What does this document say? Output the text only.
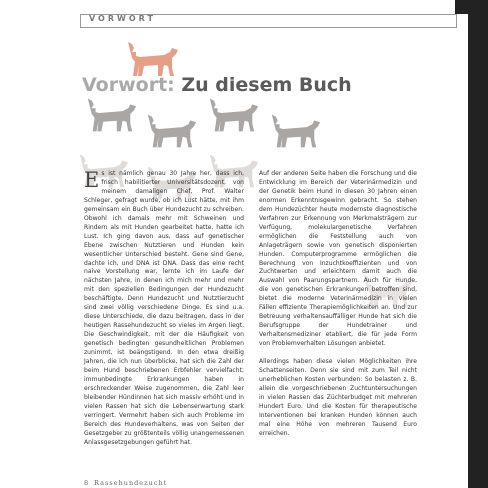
VORWORT
Vorwort: Zu diesem Buch

Es ist nämlich genau 30 Jahre her, dass ich, frisch habilitierter Universitätsdozent, von meinem damaligen Chef, Prof. Walter Schleger, gefragt wurde, ob ich Lust hätte, mit ihm gemeinsam ein Buch über Hundezucht zu schreiben. Obwohl ich damals mehr mit Schweinen und Rindern als mit Hunden gearbeitet hatte, hatte ich Lust. Ich ging davon aus, dass auf genetischer Ebene zwischen Nutztieren und Hunden kein wesentlicher Unterschied besteht. Gene sind Gene, dachte ich, und DNA ist DNA. Dass das eine recht naive Vorstellung war, lernte ich im Laufe der nächsten Jahre, in denen ich mich mehr und mehr mit den speziellen Bedingungen der Hundezucht beschäftigte. Denn Hundezucht und Nutztierzucht sind zwei völlig verschiedene Dinge. Es sind u.a. diese Unterschiede, die dazu beitragen, dass in der heutigen Rassehundezucht so vieles im Argen liegt. Die Geschwindigkeit, mit der die Häufigkeit von genetisch bedingten gesundheitlichen Problemen zunimmt, ist beängstigend. In den etwa dreißig Jahren, die ich nun überblicke, hat sich die Zahl der beim Hund beschriebenen Erbfehler vervielfacht; immunbedingte Erkrankungen haben in erschreckender Weise zugenommen, die Zahl leer bleibender Hündinnen hat sich massiv erhöht und in vielen Rassen hat sich die Lebenserwartung stark verringert. Vermehrt haben sich auch Probleme im Bereich des Hundeverhaltens, was von Seiten der Gesetzgeber zu größtenteils völlig unangemessenen Anlassgesetzgebungen geführt hat.

Auf der anderen Seite haben die Forschung und die Entwicklung im Bereich der Veterinärmedizin und der Genetik beim Hund in diesen 30 Jahren einen enormen Erkenntnisgewinn gebracht. So stehen dem Hundezüchter heute modernste diagnostische Verfahren zur Erkennung von Merkmalsträgern zur Verfügung, molekulargenetische Verfahren ermöglichen die Feststellung auch von Anlageträgern sowie von genetisch disponierten Hunden. Computerprogramme ermöglichen die Berechnung von Inzuchtkoeffizienten und von Zuchtwerten und erleichtern damit auch die Auswahl von Paarungspartnern. Auch für Hunde, die von genetischen Erkrankungen betroffen sind, bietet die moderne Veterinärmedizin in vielen Fällen effiziente Therapiemöglichkeiten an. Und zur Betreuung verhaltensauffälliger Hunde hat sich die Berufsgruppe der Hundetrainer und Verhaltensmediziner etabliert, die für jede Form von Problemverhalten Lösungen anbietet.

Allerdings haben diese vielen Möglichkeiten ihre Schattenseiten. Denn sie sind mit zum Teil nicht unerheblichen Kosten verbunden: So belasten z. B. allein die vorgeschriebenen Zuchtuntersuchungen in vielen Rassen das Züchterbudget mit mehreren Hundert Euro. Und die Kosten für therapeutische Interventionen bei kranken Hunden können auch mal eine Höhe von mehreren Tausend Euro erreichen.

8 Rassehundezucht
